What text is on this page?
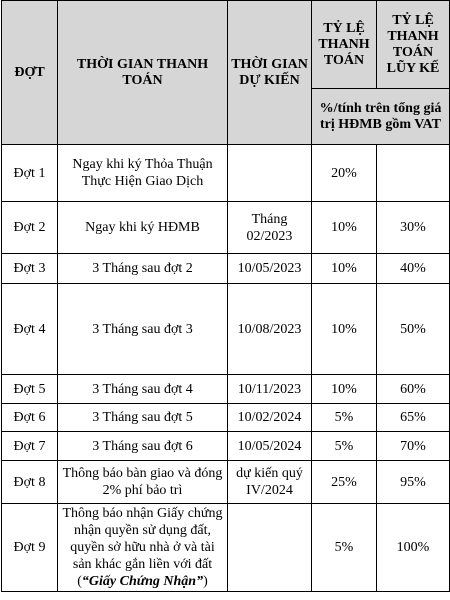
ĐỢT	THỜI GIAN THANH TOÁN	THỜI GIAN DỰ KIẾN	TỶ LỆ THANH TOÁN	TỶ LỆ THANH TOÁN LŨY KẾ
			%/tính trên tổng giá trị HĐMB gồm VAT	
Đợt 1	Ngay khi ký Thỏa Thuận Thực Hiện Giao Dịch		20%	
Đợt 2	Ngay khi ký HĐMB	Tháng 02/2023	10%	30%
Đợt 3	3 Tháng sau đợt 2	10/05/2023	10%	40%
Đợt 4	3 Tháng sau đợt 3	10/08/2023	10%	50%
Đợt 5	3 Tháng sau đợt 4	10/11/2023	10%	60%
Đợt 6	3 Tháng sau đợt 5	10/02/2024	5%	65%
Đợt 7	3 Tháng sau đợt 6	10/05/2024	5%	70%
Đợt 8	Thông báo bàn giao và đóng 2% phí bảo trì	dự kiến quý IV/2024	25%	95%
Đợt 9	Thông báo nhận Giấy chứng nhận quyền sử dụng đất, quyền sở hữu nhà ở và tài sản khác gắn liền với đất (“Giấy Chứng Nhận”)		5%	100%
